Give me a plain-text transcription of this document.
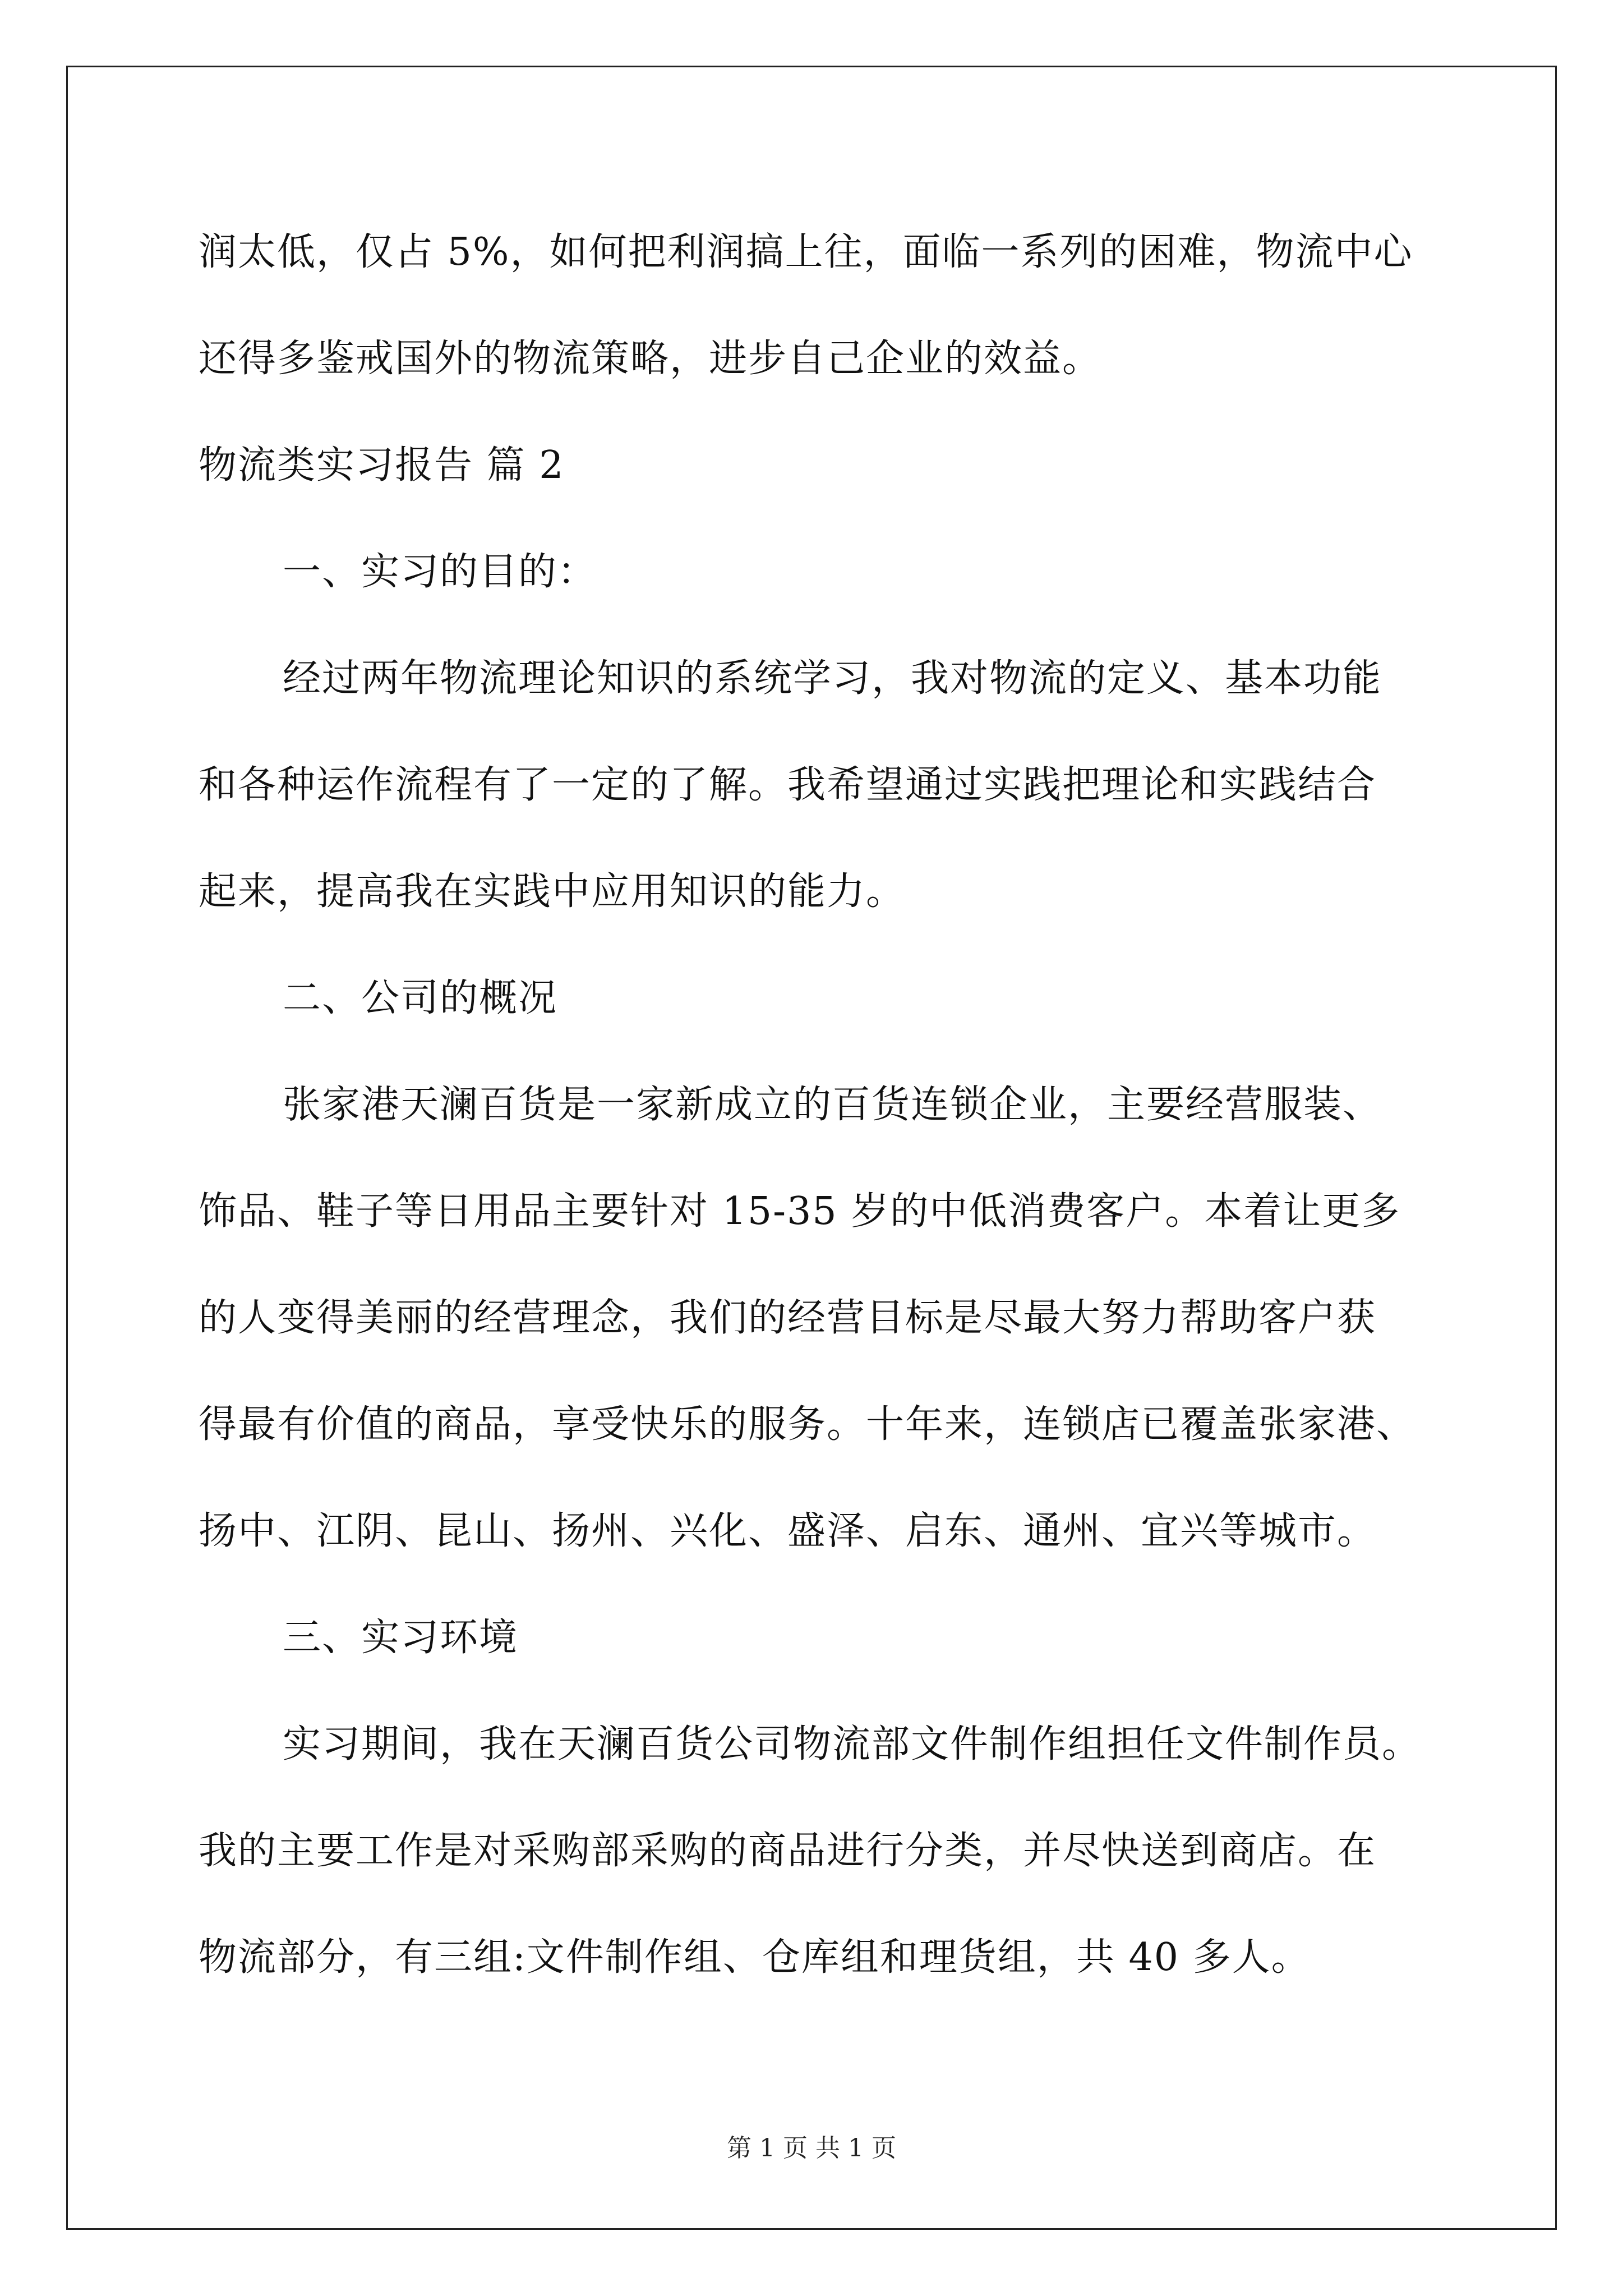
润太低，仅占 5%，如何把利润搞上往，面临一系列的困难，物流中心
还得多鉴戒国外的物流策略，进步自己企业的效益。
物流类实习报告 篇 2
一、实习的目的：
经过两年物流理论知识的系统学习，我对物流的定义、基本功能
和各种运作流程有了一定的了解。我希望通过实践把理论和实践结合
起来，提高我在实践中应用知识的能力。
二、公司的概况
张家港天澜百货是一家新成立的百货连锁企业，主要经营服装、
饰品、鞋子等日用品主要针对 15-35 岁的中低消费客户。本着让更多
的人变得美丽的经营理念，我们的经营目标是尽最大努力帮助客户获
得最有价值的商品，享受快乐的服务。十年来，连锁店已覆盖张家港、
扬中、江阴、昆山、扬州、兴化、盛泽、启东、通州、宜兴等城市。
三、实习环境
实习期间，我在天澜百货公司物流部文件制作组担任文件制作员。
我的主要工作是对采购部采购的商品进行分类，并尽快送到商店。在
物流部分，有三组:文件制作组、仓库组和理货组，共 40 多人。
第 1 页 共 1 页
